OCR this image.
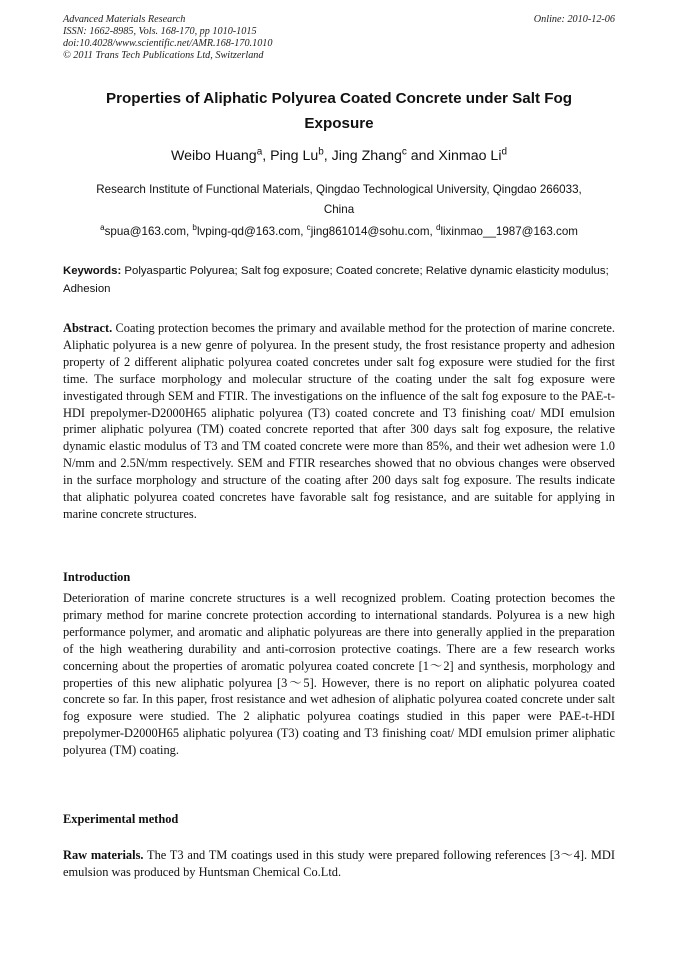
Advanced Materials Research
ISSN: 1662-8985, Vols. 168-170, pp 1010-1015
doi:10.4028/www.scientific.net/AMR.168-170.1010
© 2011 Trans Tech Publications Ltd, Switzerland
Online: 2010-12-06
Properties of Aliphatic Polyurea Coated Concrete under Salt Fog
Exposure
Weibo Huang$^a$, Ping Lu$^b$, Jing Zhang$^c$ and Xinmao Li$^d$
Research Institute of Functional Materials, Qingdao Technological University, Qingdao 266033,
China
$^a$spua@163.com, $^b$lvping-qd@163.com, $^c$jing861014@sohu.com, $^d$lixinmao__1987@163.com
Keywords: Polyaspartic Polyurea; Salt fog exposure; Coated concrete; Relative dynamic elasticity modulus; Adhesion
Abstract. Coating protection becomes the primary and available method for the protection of marine concrete. Aliphatic polyurea is a new genre of polyurea. In the present study, the frost resistance property and adhesion property of 2 different aliphatic polyurea coated concretes under salt fog exposure were studied for the first time. The surface morphology and molecular structure of the coating under the salt fog exposure were investigated through SEM and FTIR. The investigations on the influence of the salt fog exposure to the PAE-t-HDI prepolymer-D2000H65 aliphatic polyurea (T3) coated concrete and T3 finishing coat/ MDI emulsion primer aliphatic polyurea (TM) coated concrete reported that after 300 days salt fog exposure, the relative dynamic elastic modulus of T3 and TM coated concrete were more than 85%, and their wet adhesion were 1.0 N/mm and 2.5N/mm respectively. SEM and FTIR researches showed that no obvious changes were observed in the surface morphology and structure of the coating after 200 days salt fog exposure. The results indicate that aliphatic polyurea coated concretes have favorable salt fog resistance, and are suitable for applying in marine concrete structures.
Introduction
Deterioration of marine concrete structures is a well recognized problem. Coating protection becomes the primary method for marine concrete protection according to international standards. Polyurea is a new high performance polymer, and aromatic and aliphatic polyureas are there into generally applied in the preparation of the high weathering durability and anti-corrosion protective coatings. There are a few research works concerning about the properties of aromatic polyurea coated concrete [1～2] and synthesis, morphology and properties of this new aliphatic polyurea [3～5]. However, there is no report on aliphatic polyurea coated concrete so far. In this paper, frost resistance and wet adhesion of aliphatic polyurea coated concrete under salt fog exposure were studied. The 2 aliphatic polyurea coatings studied in this paper were PAE-t-HDI prepolymer-D2000H65 aliphatic polyurea (T3) coating and T3 finishing coat/ MDI emulsion primer aliphatic polyurea (TM) coating.
Experimental method
Raw materials. The T3 and TM coatings used in this study were prepared following references [3～4]. MDI emulsion was produced by Huntsman Chemical Co.Ltd.
